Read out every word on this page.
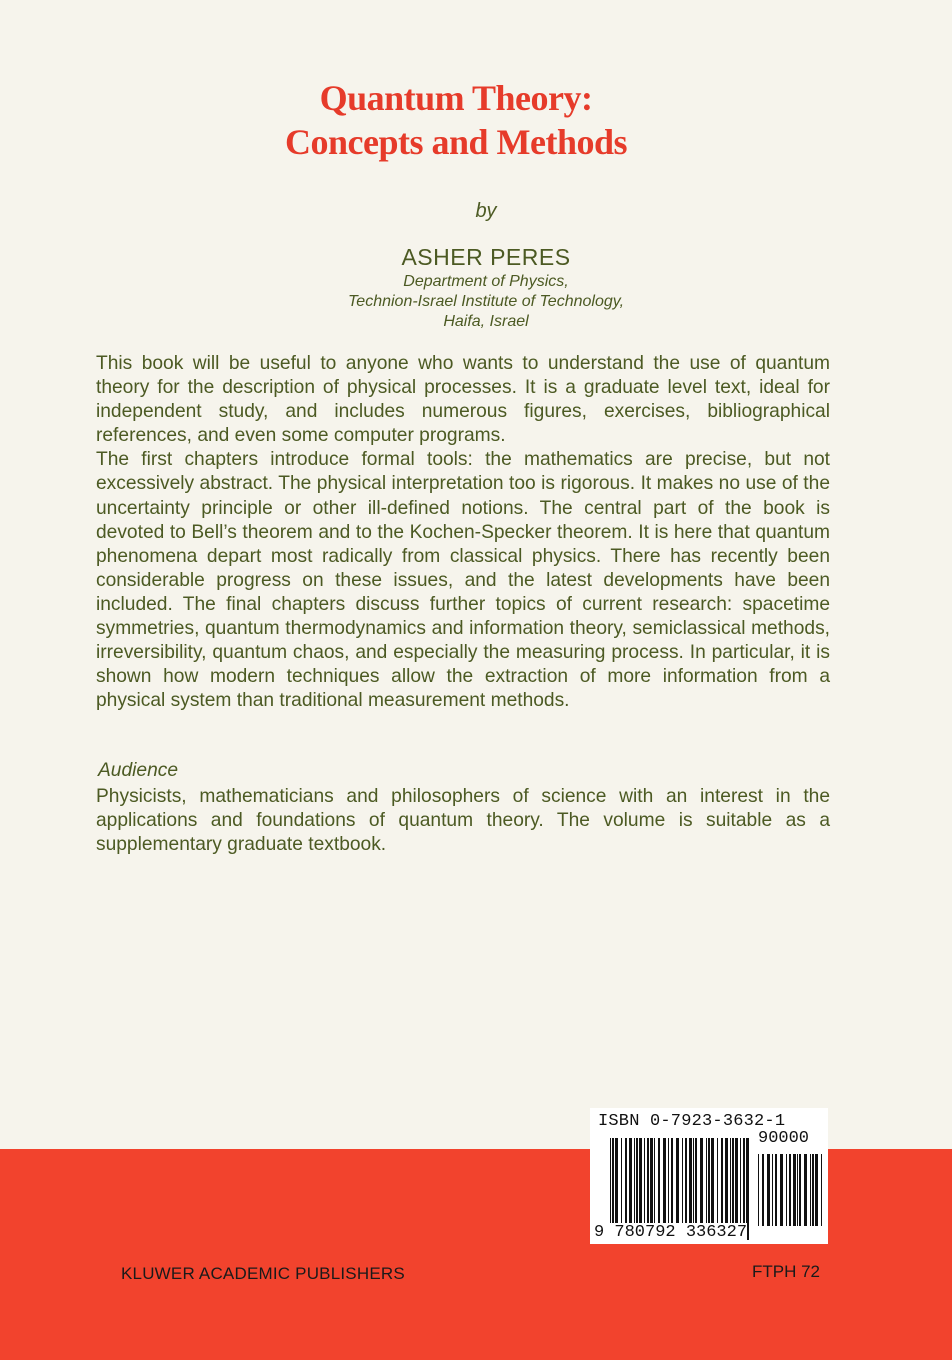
Quantum Theory:
Concepts and Methods
by
ASHER PERES
Department of Physics,
Technion-Israel Institute of Technology,
Haifa, Israel

This book will be useful to anyone who wants to understand the use of quantum theory for the description of physical processes. It is a graduate level text, ideal for independent study, and includes numerous figures, exercises, bibliographical references, and even some computer programs.

The first chapters introduce formal tools: the mathematics are precise, but not excessively abstract. The physical interpretation too is rigorous. It makes no use of the uncertainty principle or other ill-defined notions. The central part of the book is devoted to Bell’s theorem and to the Kochen-Specker theorem. It is here that quantum phenomena depart most radically from classical physics. There has recently been considerable progress on these issues, and the latest developments have been included. The final chapters discuss further topics of current research: spacetime symmetries, quantum thermodynamics and information theory, semiclassical methods, irreversibility, quantum chaos, and especially the measuring process. In particular, it is shown how modern techniques allow the extraction of more information from a physical system than traditional measurement methods.

Audience
Physicists, mathematicians and philosophers of science with an interest in the applications and foundations of quantum theory. The volume is suitable as a supplementary graduate textbook.
ISBN 0-7923-3632-1
90000
9 780792 336327
KLUWER ACADEMIC PUBLISHERS	FTPH 72
